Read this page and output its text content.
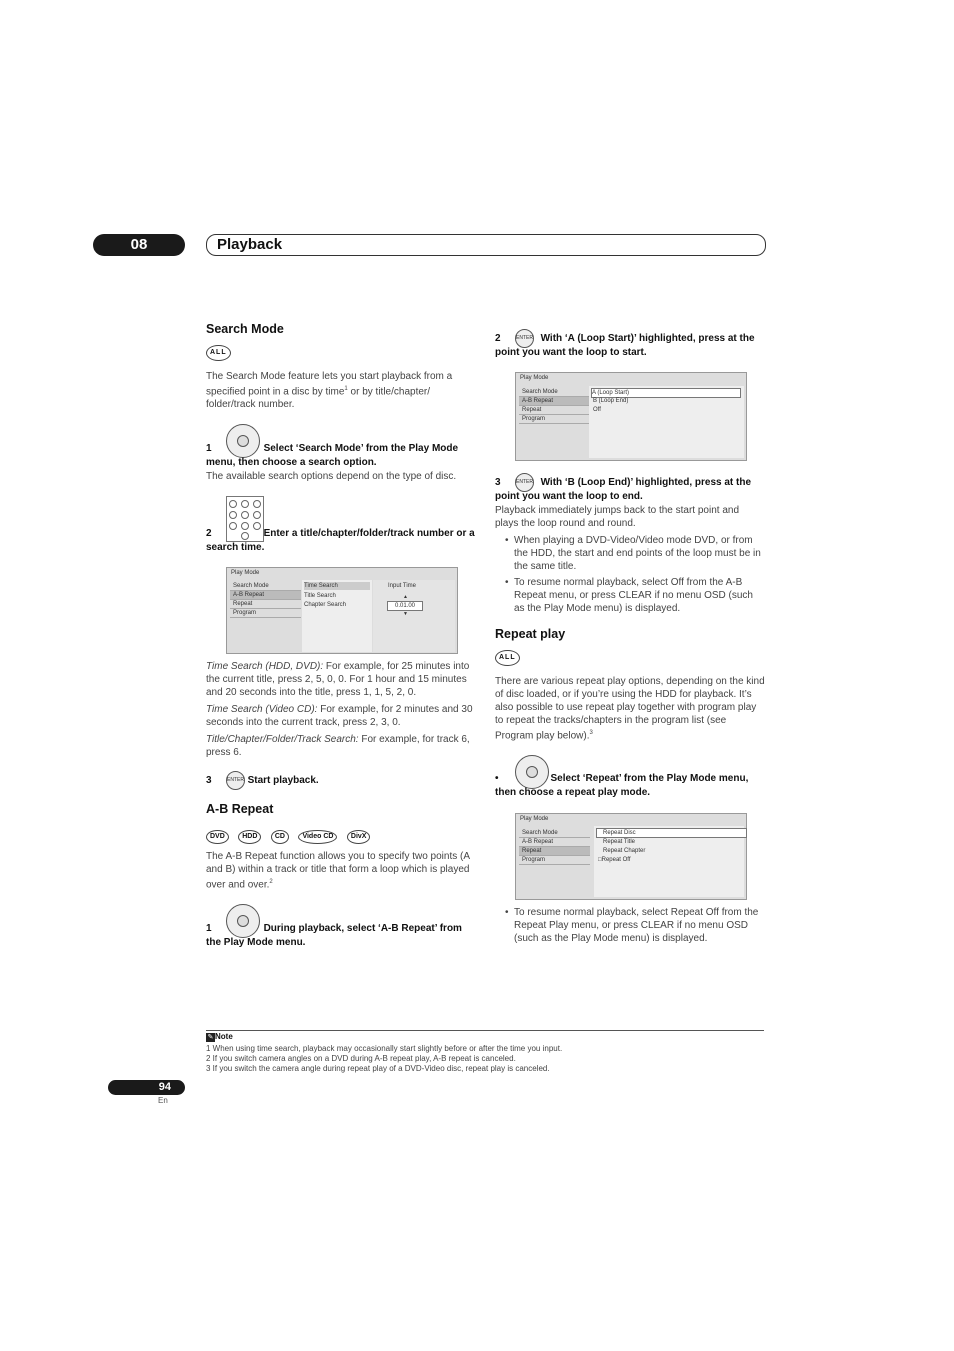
08	Playback
Search Mode
ALL
The Search Mode feature lets you start playback from a specified point in a disc by time$^1$ or by title/chapter/ folder/track number.
1	Select ‘Search Mode’ from the Play Mode menu, then choose a search option.
The available search options depend on the type of disc.
2	Enter a title/chapter/folder/track number or a search time.
Play Mode
Search Mode
A-B Repeat
Repeat
Program
Time Search
Title Search
Chapter Search
Input Time
▲
0.01.00
▼
Time Search (HDD, DVD): For example, for 25 minutes into the current title, press 2, 5, 0, 0. For 1 hour and 15 minutes and 20 seconds into the title, press 1, 1, 5, 2, 0.
Time Search (Video CD): For example, for 2 minutes and 30 seconds into the current track, press 2, 3, 0.
Title/Chapter/Folder/Track Search: For example, for track 6, press 6.
ENTER
3	Start playback.
A-B Repeat
DVD HDD CD Video CD DivX
The A-B Repeat function allows you to specify two points (A and B) within a track or title that form a loop which is played over and over.$^2$
1	During playback, select ‘A-B Repeat’ from the Play Mode menu.
ENTER
2	With ‘A (Loop Start)’ highlighted, press at the point you want the loop to start.
Play Mode
Search Mode
A-B Repeat
Repeat
Program
A (Loop Start)
B (Loop End)
Off
ENTER
3	With ‘B (Loop End)’ highlighted, press at the point you want the loop to end.
Playback immediately jumps back to the start point and plays the loop round and round.
• When playing a DVD-Video/Video mode DVD, or from the HDD, the start and end points of the loop must be in the same title.
• To resume normal playback, select Off from the A-B Repeat menu, or press CLEAR if no menu OSD (such as the Play Mode menu) is displayed.
Repeat play
ALL
There are various repeat play options, depending on the kind of disc loaded, or if you’re using the HDD for playback. It’s also possible to use repeat play together with program play to repeat the tracks/chapters in the program list (see Program play below).$^3$
•	Select ‘Repeat’ from the Play Mode menu, then choose a repeat play mode.
Play Mode
Search Mode
A-B Repeat
Repeat
Program
Repeat Disc
Repeat Title
Repeat Chapter
□Repeat Off
• To resume normal playback, select Repeat Off from the Repeat Play menu, or press CLEAR if no menu OSD (such as the Play Mode menu) is displayed.
✎ Note
1 When using time search, playback may occasionally start slightly before or after the time you input.
2 If you switch camera angles on a DVD during A-B repeat play, A-B repeat is canceled.
3 If you switch the camera angle during repeat play of a DVD-Video disc, repeat play is canceled.
94
En
